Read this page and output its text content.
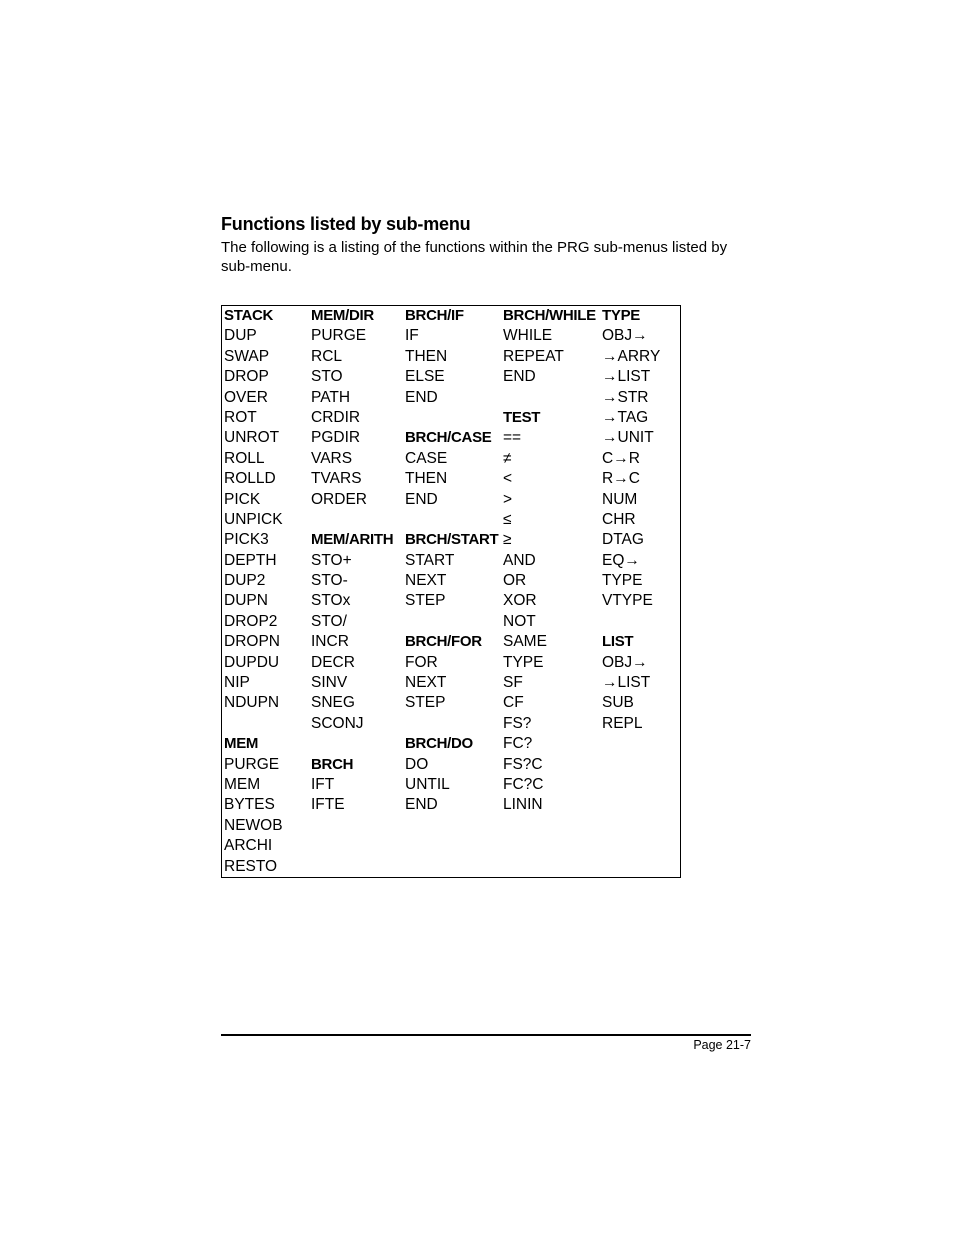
Functions listed by sub-menu

The following is a listing of the functions within the PRG sub-menus listed by sub-menu.

STACK
DUP
SWAP
DROP
OVER
ROT
UNROT
ROLL
ROLLD
PICK
UNPICK
PICK3
DEPTH
DUP2
DUPN
DROP2
DROPN
DUPDU
NIP
NDUPN
MEM
PURGE
MEM
BYTES
NEWOB
ARCHI
RESTO
MEM/DIR
PURGE
RCL
STO
PATH
CRDIR
PGDIR
VARS
TVARS
ORDER
MEM/ARITH
STO+
STO-
STOx
STO/
INCR
DECR
SINV
SNEG
SCONJ
BRCH
IFT
IFTE
BRCH/IF
IF
THEN
ELSE
END
BRCH/CASE
CASE
THEN
END
BRCH/START
START
NEXT
STEP
BRCH/FOR
FOR
NEXT
STEP
BRCH/DO
DO
UNTIL
END
BRCH/WHILE
WHILE
REPEAT
END
TEST
==
≠
<
>
≤
≥
AND
OR
XOR
NOT
SAME
TYPE
SF
CF
FS?
FC?
FS?C
FC?C
LININ
TYPE
OBJ→
→ARRY
→LIST
→STR
→TAG
→UNIT
C→R
R→C
NUM
CHR
DTAG
EQ→
TYPE
VTYPE
LIST
OBJ→
→LIST
SUB
REPL

Page 21-7
